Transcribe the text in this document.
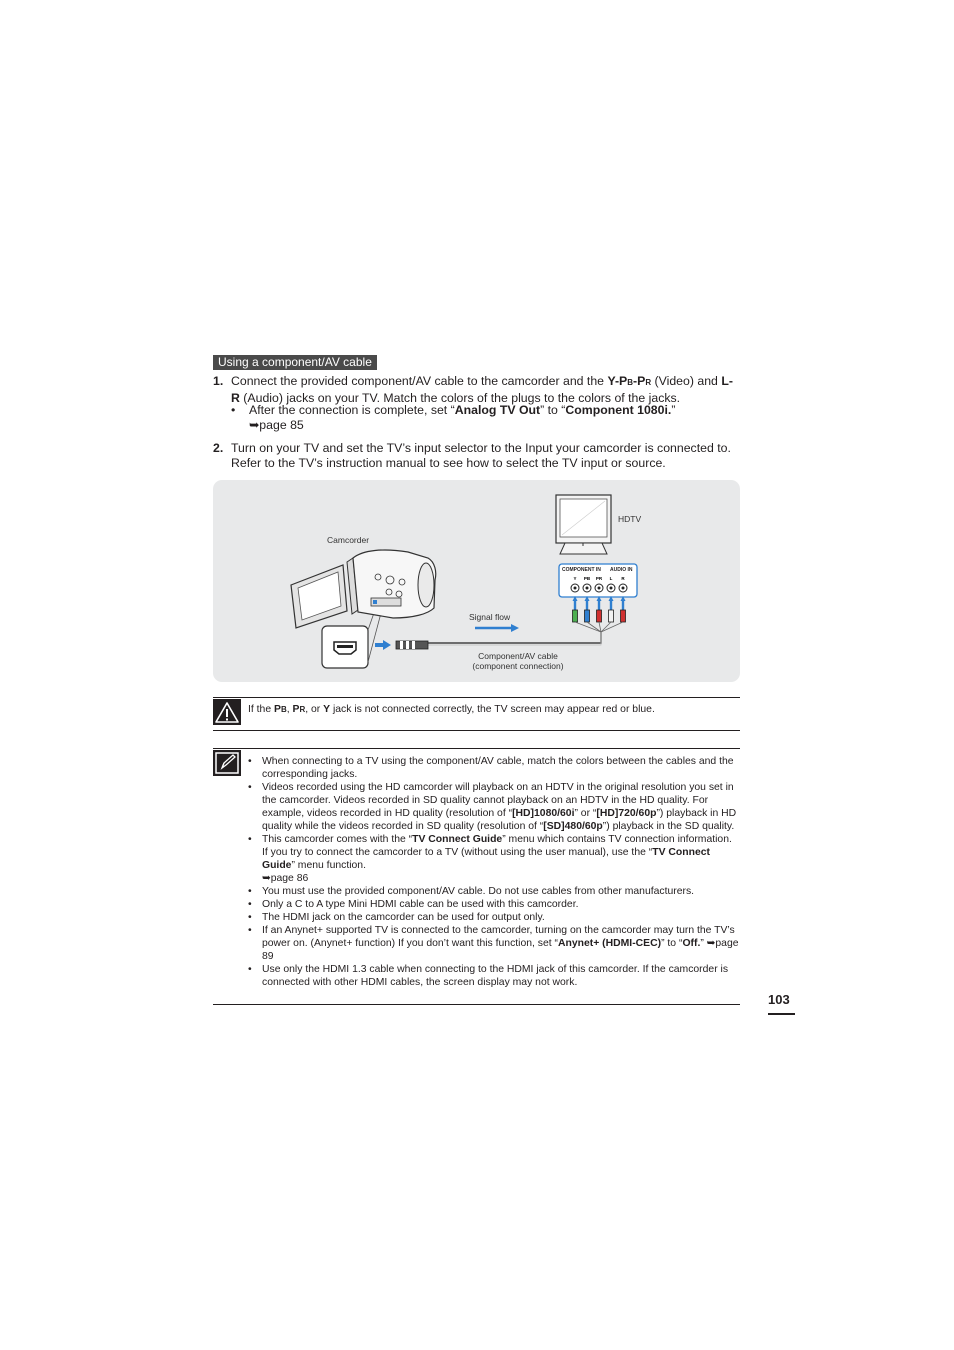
Using a component/AV cable
1. Connect the provided component/AV cable to the camcorder and the Y-PB-PR (Video) and L-R (Audio) jacks on your TV. Match the colors of the plugs to the colors of the jacks.
• After the connection is complete, set “Analog TV Out” to “Component 1080i.”
➥page 85
2. Turn on your TV and set the TV’s input selector to the Input your camcorder is connected to. Refer to the TV’s instruction manual to see how to select the TV input or source.
Y PB PR L R
HDTV
Camcorder
Signal flow
Component/AV cable
(component connection)
COMPONENT IN AUDIO IN
If the PB, PR, or Y jack is not connected correctly, the TV screen may appear red or blue.
• When connecting to a TV using the component/AV cable, match the colors between the cables and the corresponding jacks.
• Videos recorded using the HD camcorder will playback on an HDTV in the original resolution you set in the camcorder. Videos recorded in SD quality cannot playback on an HDTV in the HD quality. For example, videos recorded in HD quality (resolution of “[HD]1080/60i” or “[HD]720/60p”) playback in HD quality while the videos recorded in SD quality (resolution of “[SD]480/60p”) playback in the SD quality.
• This camcorder comes with the “TV Connect Guide” menu which contains TV connection information. If you try to connect the camcorder to a TV (without using the user manual), use the “TV Connect Guide” menu function.
➥page 86
• You must use the provided component/AV cable. Do not use cables from other manufacturers.
• Only a C to A type Mini HDMI cable can be used with this camcorder.
• The HDMI jack on the camcorder can be used for output only.
• If an Anynet+ supported TV is connected to the camcorder, turning on the camcorder may turn the TV’s power on. (Anynet+ function) If you don’t want this function, set “Anynet+ (HDMI-CEC)” to “Off.” ➥page 89
• Use only the HDMI 1.3 cable when connecting to the HDMI jack of this camcorder. If the camcorder is connected with other HDMI cables, the screen display may not work.
103
